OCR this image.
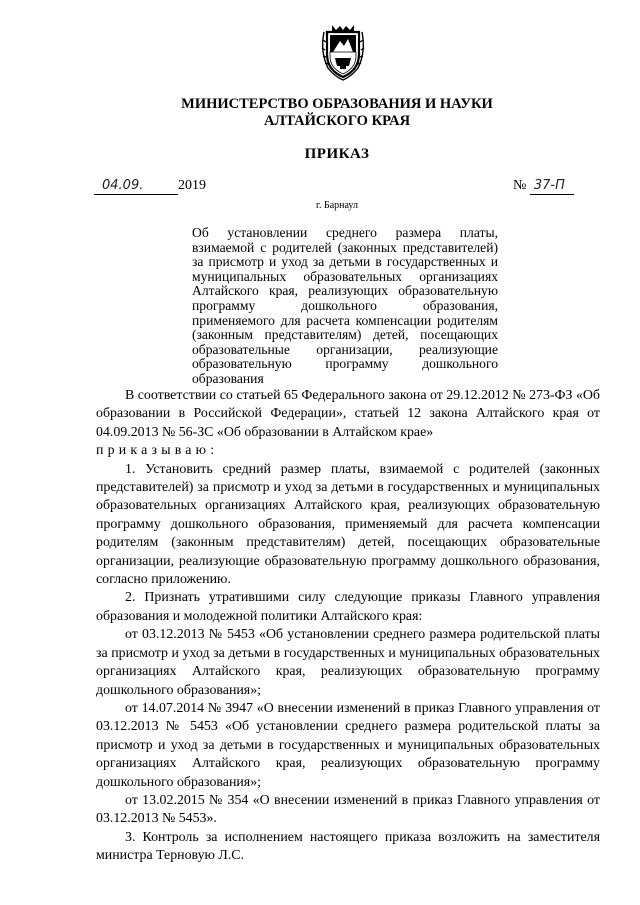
МИНИСТЕРСТВО ОБРАЗОВАНИЯ И НАУКИ
АЛТАЙСКОГО КРАЯ
ПРИКАЗ
04.09. 2019	№ 37-П
г. Барнаул
Об установлении среднего размера платы, взимаемой с родителей (законных представителей) за присмотр и уход за детьми в государственных и муниципальных образовательных организациях Алтайского края, реализующих образовательную программу дошкольного образования, применяемого для расчета компенсации родителям (законным представителям) детей, посещающих образовательные организации, реализующие образовательную программу дошкольного образования

В соответствии со статьей 65 Федерального закона от 29.12.2012 № 273-ФЗ «Об образовании в Российской Федерации», статьей 12 закона Алтайского края от 04.09.2013 № 56-ЗС «Об образовании в Алтайском крае»

приказываю:

1. Установить средний размер платы, взимаемой с родителей (законных представителей) за присмотр и уход за детьми в государственных и муниципальных образовательных организациях Алтайского края, реализующих образовательную программу дошкольного образования, применяемый для расчета компенсации родителям (законным представителям) детей, посещающих образовательные организации, реализующие образовательную программу дошкольного образования, согласно приложению.

2. Признать утратившими силу следующие приказы Главного управления образования и молодежной политики Алтайского края:

от 03.12.2013 № 5453 «Об установлении среднего размера родительской платы за присмотр и уход за детьми в государственных и муниципальных образовательных организациях Алтайского края, реализующих образовательную программу дошкольного образования»;

от 14.07.2014 № 3947 «О внесении изменений в приказ Главного управления от 03.12.2013 № 5453 «Об установлении среднего размера родительской платы за присмотр и уход за детьми в государственных и муниципальных образовательных организациях Алтайского края, реализующих образовательную программу дошкольного образования»;

от 13.02.2015 № 354 «О внесении изменений в приказ Главного управления от 03.12.2013 № 5453».

3. Контроль за исполнением настоящего приказа возложить на заместителя министра Терновую Л.С.
